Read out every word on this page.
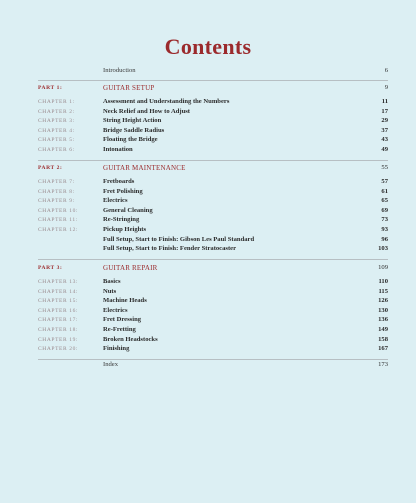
Contents
Introduction	6
PART 1:	GUITAR SETUP	9
CHAPTER 1:	Assessment and Understanding the Numbers	11
CHAPTER 2:	Neck Relief and How to Adjust	17
CHAPTER 3:	String Height Action	29
CHAPTER 4:	Bridge Saddle Radius	37
CHAPTER 5:	Floating the Bridge	43
CHAPTER 6:	Intonation	49
PART 2:	GUITAR MAINTENANCE	55
CHAPTER 7:	Fretboards	57
CHAPTER 8:	Fret Polishing	61
CHAPTER 9:	Electrics	65
CHAPTER 10:	General Cleaning	69
CHAPTER 11:	Re-Stringing	73
CHAPTER 12:	Pickup Heights	93
Full Setup, Start to Finish: Gibson Les Paul Standard	96
Full Setup, Start to Finish: Fender Stratocaster	103
PART 3:	GUITAR REPAIR	109
CHAPTER 13:	Basics	110
CHAPTER 14:	Nuts	115
CHAPTER 15:	Machine Heads	126
CHAPTER 16:	Electrics	130
CHAPTER 17:	Fret Dressing	136
CHAPTER 18:	Re-Fretting	149
CHAPTER 19:	Broken Headstocks	158
CHAPTER 20:	Finishing	167
Index	173
